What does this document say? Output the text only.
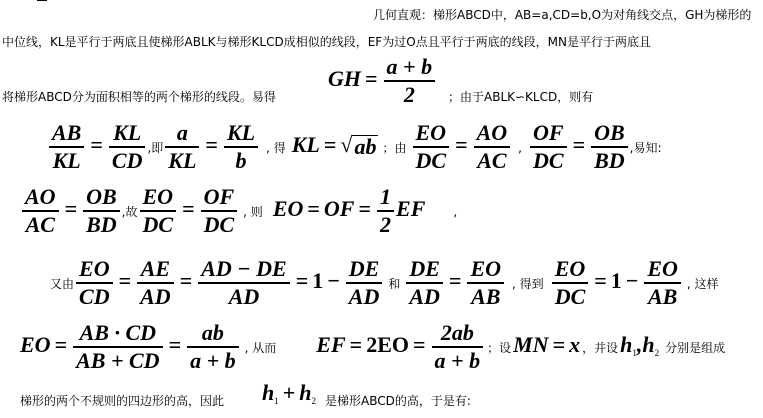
几何直观：梯形ABCD中，AB=a,CD=b,O为对角线交点，GH为梯形的
中位线，KL是平行于两底且使梯形ABLK与梯形KLCD成相似的线段，EF为过O点且平行于两底的线段，MN是平行于两底且
将梯形ABCD分为面积相等的两个梯形的线段。易得
GH = $\frac{a + b}{2}$ ；由于ABLK∽KLCD，则有
$\frac{AB}{KL} = \frac{KL}{CD}$ ,即 $\frac{a}{KL} = \frac{KL}{b}$ , 得 KL = √ ab ；由 $\frac{EO}{DC} = \frac{AO}{AC}$ , $\frac{OF}{DC} = \frac{OB}{BD}$ ,易知:
$\frac{AO}{AC} = \frac{OB}{BD}$ ,故 $\frac{EO}{DC} = \frac{OF}{DC}$ , 则 EO = OF = $\frac{1}{2}$ EF ,
又由 $\frac{EO}{CD} = \frac{AE}{AD} = \frac{AD - DE}{AD} = 1 - \frac{DE}{AD}$ 和 $\frac{DE}{AD} = \frac{EO}{AB}$ , 得到 $\frac{EO}{DC} = 1 - \frac{EO}{AB}$ , 这样
EO = $\frac{AB \cdot CD}{AB + CD} = \frac{ab}{a + b}$ , 从而 EF = $2EO = \frac{2ab}{a + b}$ ；设MN = x ，并设$h_1,h_2$ 分别是组成
梯形的两个不规则的四边形的高，因此 $h_1 + h_2$ 是梯形ABCD的高，于是有:
